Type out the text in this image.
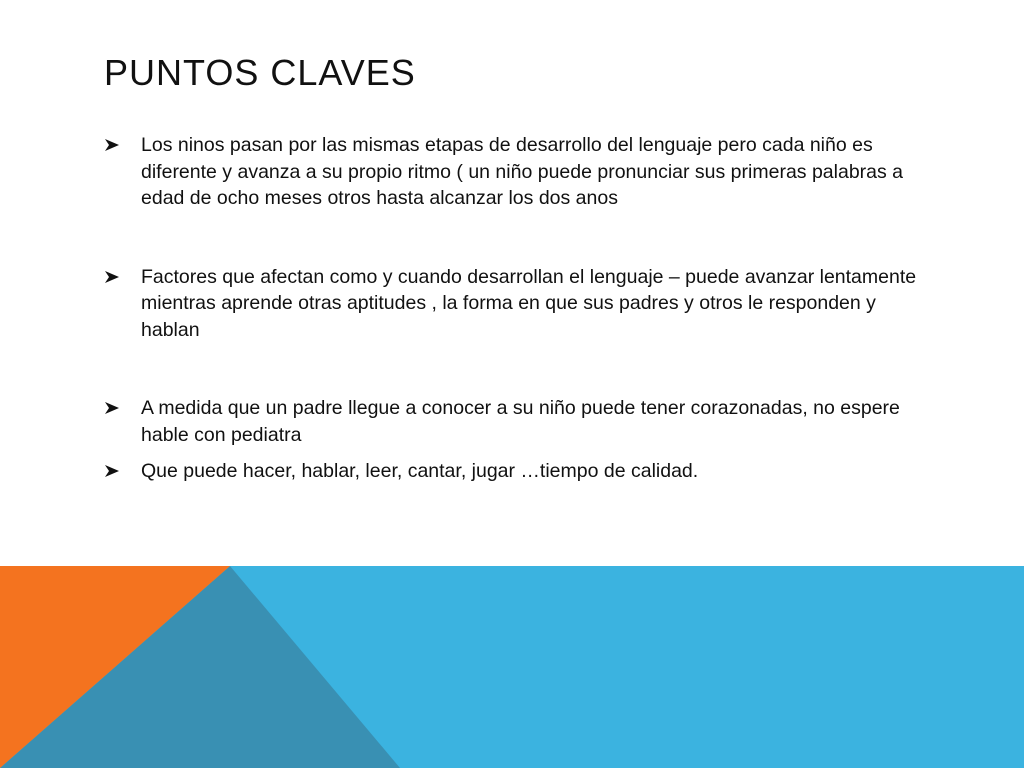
PUNTOS CLAVES
Los ninos pasan por las mismas etapas de desarrollo del lenguaje pero cada niño es diferente y avanza a su propio ritmo ( un niño puede pronunciar sus primeras palabras a edad de ocho meses otros hasta alcanzar los dos anos
Factores que afectan como y cuando desarrollan el lenguaje – puede avanzar lentamente mientras aprende otras aptitudes , la forma en que sus padres y otros le responden y hablan
A medida que un padre llegue a conocer a su niño puede tener corazonadas, no espere hable con pediatra
Que puede hacer, hablar, leer, cantar, jugar …tiempo de calidad.
